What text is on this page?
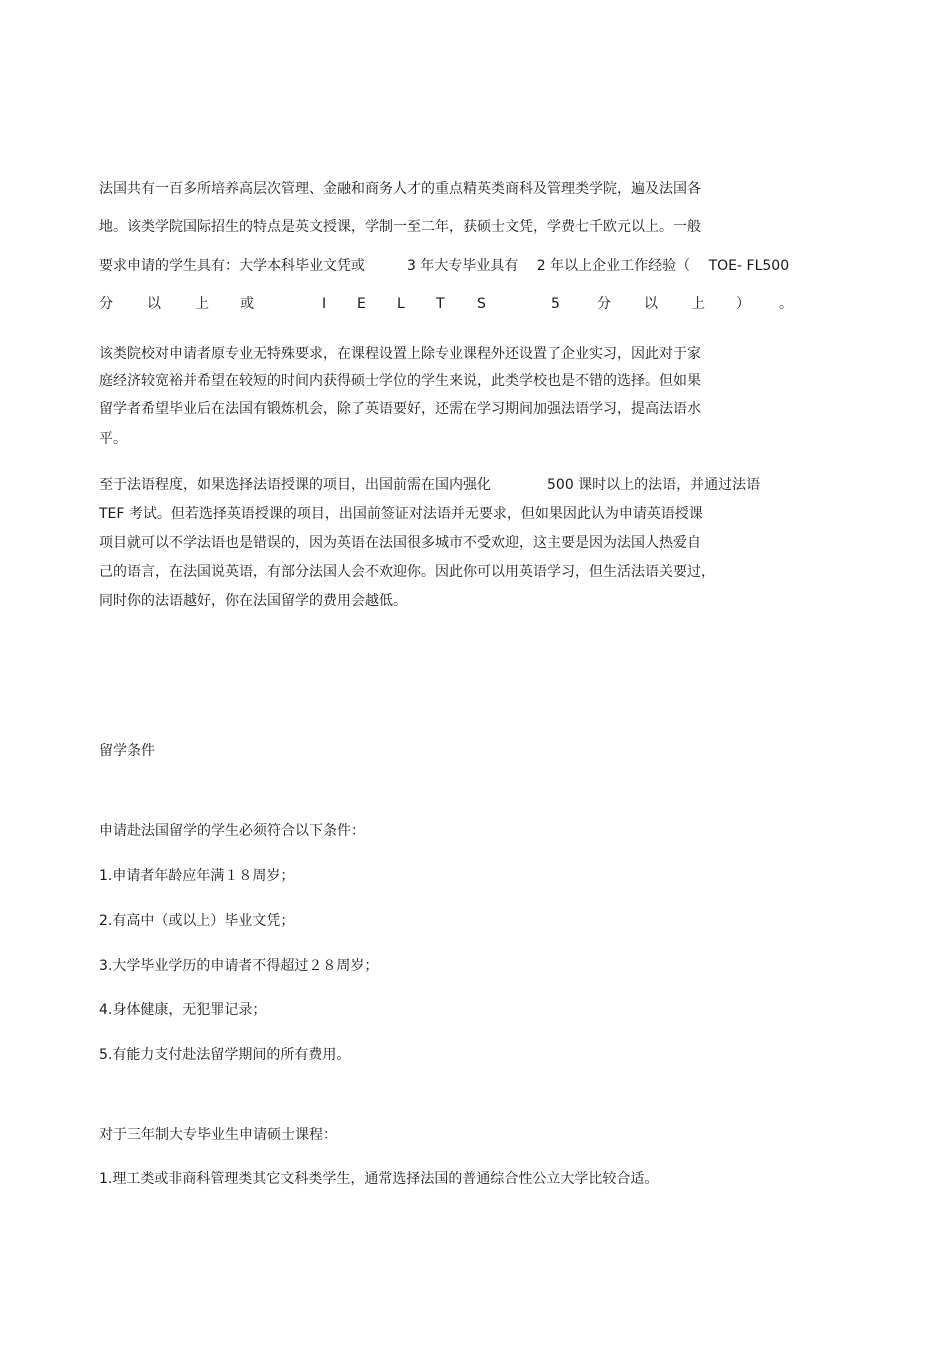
法国共有一百多所培养高层次管理、金融和商务人才的重点精英类商科及管理类学院，遍及法国各

地。该类学院国际招生的特点是英文授课，学制一至二年，获硕士文凭，学费七千欧元以上。一般

要求申请的学生具有：大学本科毕业文凭或　　　3 年大专毕业具有　 2 年以上企业工作经验（　 TOE- FL500

分 以 上 或	I E L T S	5	分 以 上 ） 。

该类院校对申请者原专业无特殊要求，在课程设置上除专业课程外还设置了企业实习，因此对于家

庭经济较宽裕并希望在较短的时间内获得硕士学位的学生来说，此类学校也是不错的选择。但如果

留学者希望毕业后在法国有锻炼机会，除了英语要好，还需在学习期间加强法语学习，提高法语水

平。

至于法语程度，如果选择法语授课的项目，出国前需在国内强化　　　　500 课时以上的法语，并通过法语

TEF 考试。但若选择英语授课的项目，出国前签证对法语并无要求，但如果因此认为申请英语授课

项目就可以不学法语也是错误的，因为英语在法国很多城市不受欢迎，这主要是因为法国人热爱自

己的语言，在法国说英语，有部分法国人会不欢迎你。因此你可以用英语学习，但生活法语关要过，

同时你的法语越好，你在法国留学的费用会越低。

留学条件

申请赴法国留学的学生必须符合以下条件：

1.申请者年龄应年满１８周岁；

2.有高中（或以上）毕业文凭；

3.大学毕业学历的申请者不得超过２８周岁；

4.身体健康，无犯罪记录；

5.有能力支付赴法留学期间的所有费用。

对于三年制大专毕业生申请硕士课程：

1.理工类或非商科管理类其它文科类学生，通常选择法国的普通综合性公立大学比较合适。
